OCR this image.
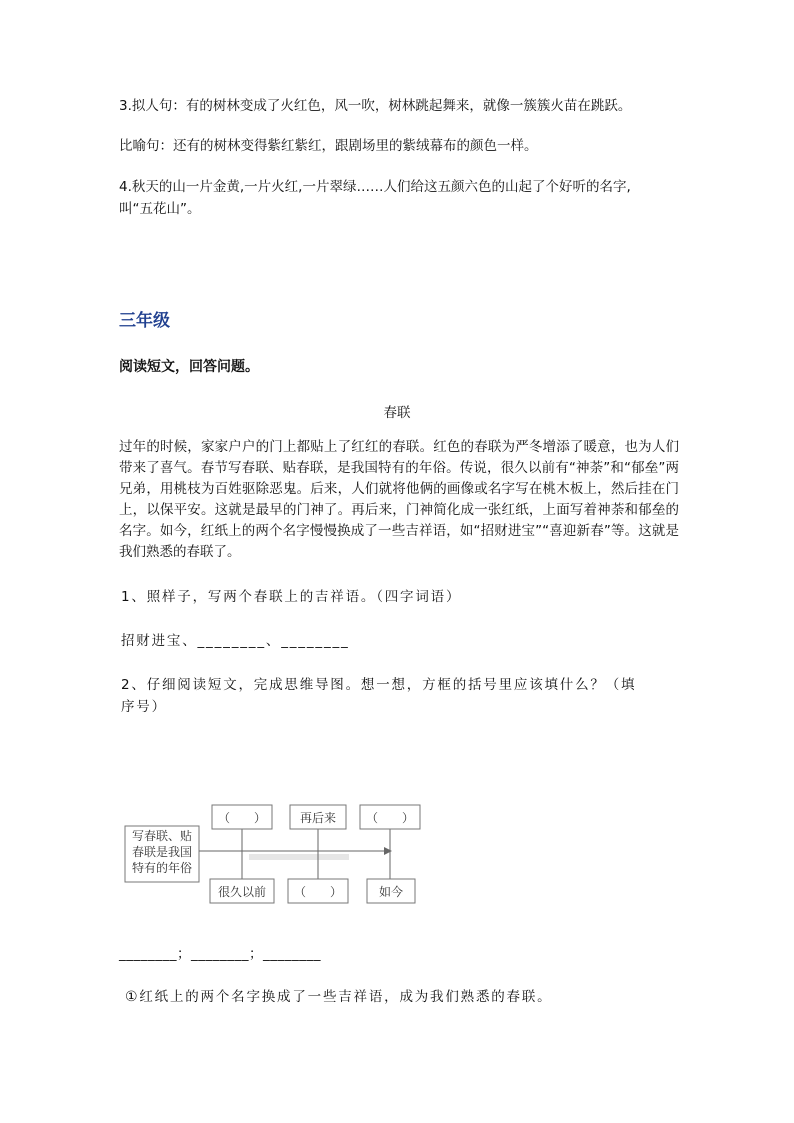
3.拟人句：有的树林变成了火红色，风一吹，树林跳起舞来，就像一簇簇火苗在跳跃。
比喻句：还有的树林变得紫红紫红，跟剧场里的紫绒幕布的颜色一样。
4.秋天的山一片金黄,一片火红,一片翠绿……人们给这五颜六色的山起了个好听的名字,
叫“五花山”。
三年级
阅读短文，回答问题。
春联
过年的时候，家家户户的门上都贴上了红红的春联。红色的春联为严冬增添了暖意，也为人们带来了喜气。春节写春联、贴春联，是我国特有的年俗。传说，很久以前有“神荼”和“郁垒”两兄弟，用桃枝为百姓驱除恶鬼。后来，人们就将他俩的画像或名字写在桃木板上，然后挂在门上，以保平安。这就是最早的门神了。再后来，门神简化成一张红纸，上面写着神荼和郁垒的名字。如今，红纸上的两个名字慢慢换成了一些吉祥语，如“招财进宝”“喜迎新春”等。这就是我们熟悉的春联了。
1、照样子，写两个春联上的吉祥语。（四字词语）
招财进宝、________、________
2、仔细阅读短文，完成思维导图。想一想，方框的括号里应该填什么？（填
序号）
写春联、贴
春联是我国
特有的年俗
（　　）	再后来 （　　）
很久以前 （　　）	如今
________；________；________
①红纸上的两个名字换成了一些吉祥语，成为我们熟悉的春联。
